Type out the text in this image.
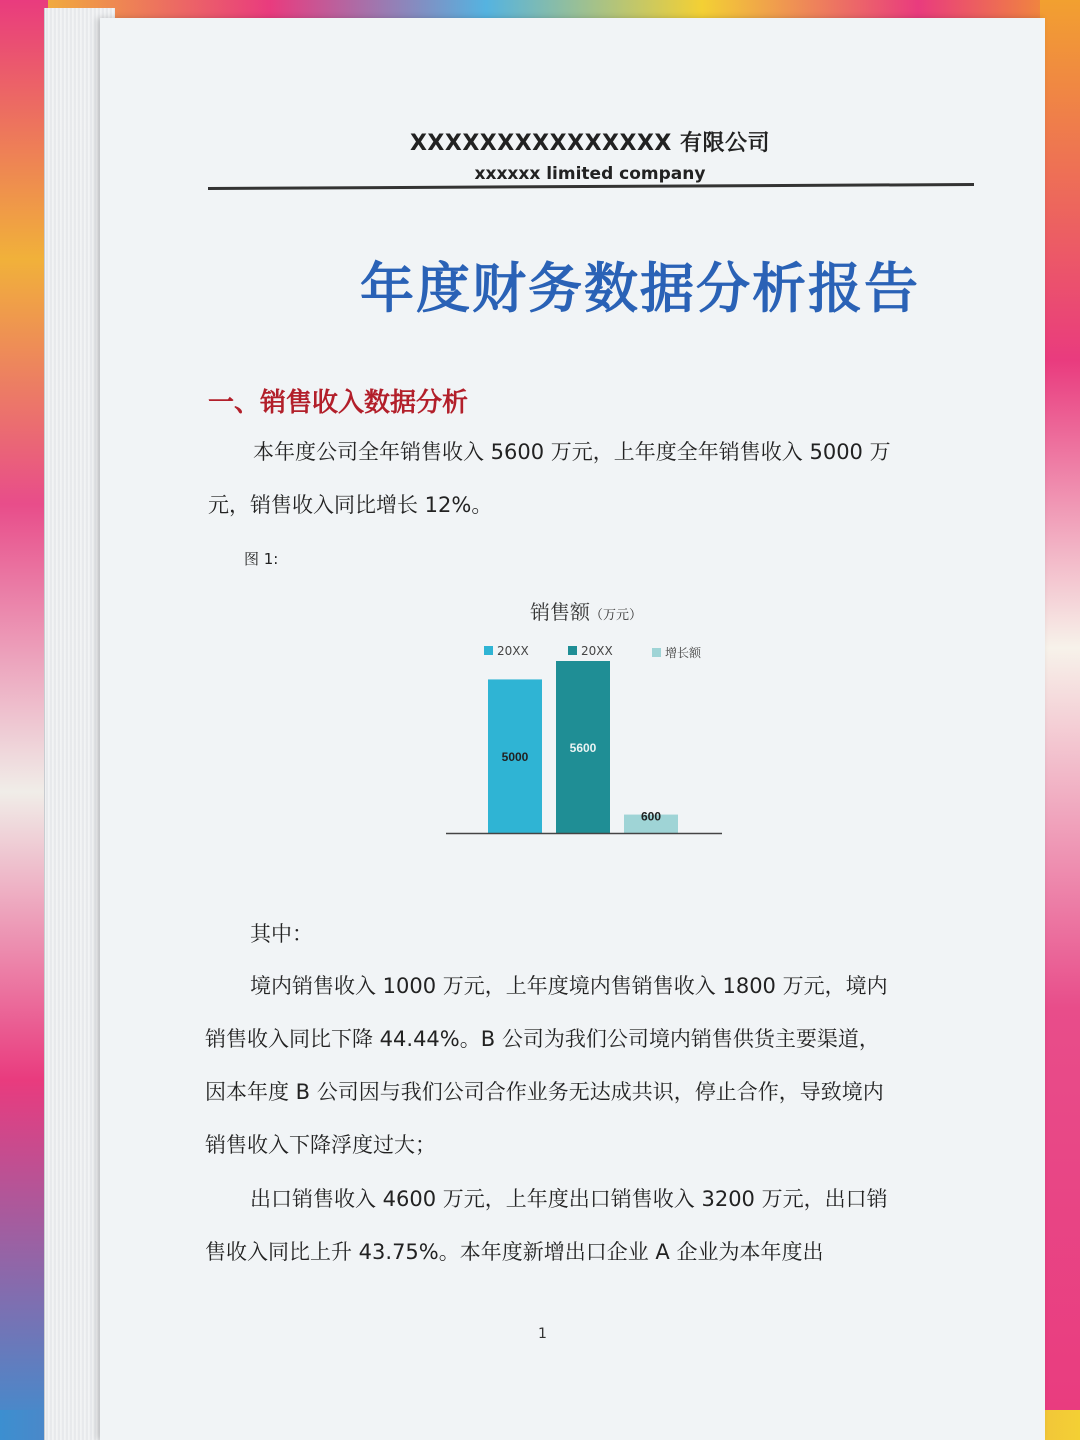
XXXXXXXXXXXXXXX 有限公司
xxxxxx limited company
年度财务数据分析报告
一、销售收入数据分析
本年度公司全年销售收入 5600 万元，上年度全年销售收入 5000 万元，销售收入同比增长 12%。
图 1:
销售额（万元）
20XX	20XX	增长额
5000
5600
600
其中：
境内销售收入 1000 万元，上年度境内售销售收入 1800 万元，境内销售收入同比下降 44.44%。B 公司为我们公司境内销售供货主要渠道，因本年度 B 公司因与我们公司合作业务无达成共识，停止合作，导致境内销售收入下降浮度过大；
出口销售收入 4600 万元，上年度出口销售收入 3200 万元，出口销售收入同比上升 43.75%。本年度新增出口企业 A 企业为本年度出
1
